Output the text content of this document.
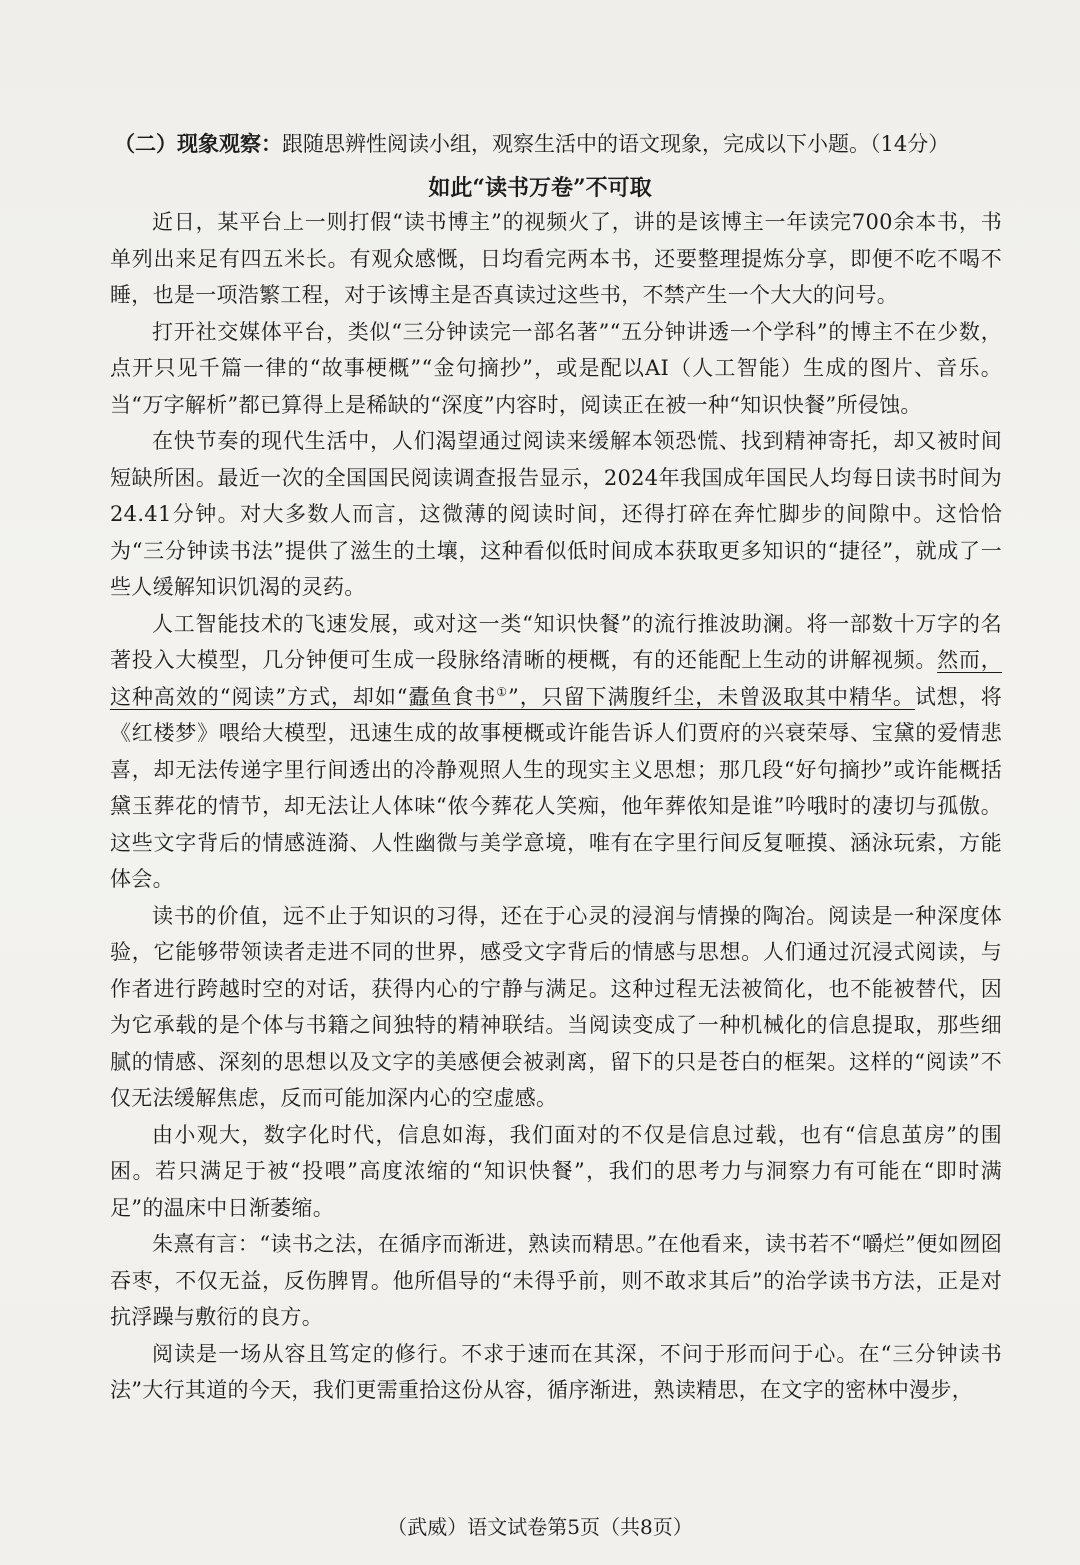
（二）现象观察：跟随思辨性阅读小组，观察生活中的语文现象，完成以下小题。（14分）
如此“读书万卷”不可取

近日，某平台上一则打假“读书博主”的视频火了，讲的是该博主一年读完700余本书，书单列出来足有四五米长。有观众感慨，日均看完两本书，还要整理提炼分享，即便不吃不喝不睡，也是一项浩繁工程，对于该博主是否真读过这些书，不禁产生一个大大的问号。

打开社交媒体平台，类似“三分钟读完一部名著”“五分钟讲透一个学科”的博主不在少数，点开只见千篇一律的“故事梗概”“金句摘抄”，或是配以AI（人工智能）生成的图片、音乐。当“万字解析”都已算得上是稀缺的“深度”内容时，阅读正在被一种“知识快餐”所侵蚀。

在快节奏的现代生活中，人们渴望通过阅读来缓解本领恐慌、找到精神寄托，却又被时间短缺所困。最近一次的全国国民阅读调查报告显示，2024年我国成年国民人均每日读书时间为24.41分钟。对大多数人而言，这微薄的阅读时间，还得打碎在奔忙脚步的间隙中。这恰恰为“三分钟读书法”提供了滋生的土壤，这种看似低时间成本获取更多知识的“捷径”，就成了一些人缓解知识饥渴的灵药。

人工智能技术的飞速发展，或对这一类“知识快餐”的流行推波助澜。将一部数十万字的名著投入大模型，几分钟便可生成一段脉络清晰的梗概，有的还能配上生动的讲解视频。然而，这种高效的“阅读”方式，却如“蠹鱼食书①”，只留下满腹纤尘，未曾汲取其中精华。试想，将《红楼梦》喂给大模型，迅速生成的故事梗概或许能告诉人们贾府的兴衰荣辱、宝黛的爱情悲喜，却无法传递字里行间透出的冷静观照人生的现实主义思想；那几段“好句摘抄”或许能概括黛玉葬花的情节，却无法让人体味“侬今葬花人笑痴，他年葬侬知是谁”吟哦时的凄切与孤傲。这些文字背后的情感涟漪、人性幽微与美学意境，唯有在字里行间反复咂摸、涵泳玩索，方能体会。

读书的价值，远不止于知识的习得，还在于心灵的浸润与情操的陶冶。阅读是一种深度体验，它能够带领读者走进不同的世界，感受文字背后的情感与思想。人们通过沉浸式阅读，与作者进行跨越时空的对话，获得内心的宁静与满足。这种过程无法被简化，也不能被替代，因为它承载的是个体与书籍之间独特的精神联结。当阅读变成了一种机械化的信息提取，那些细腻的情感、深刻的思想以及文字的美感便会被剥离，留下的只是苍白的框架。这样的“阅读”不仅无法缓解焦虑，反而可能加深内心的空虚感。

由小观大，数字化时代，信息如海，我们面对的不仅是信息过载，也有“信息茧房”的围困。若只满足于被“投喂”高度浓缩的“知识快餐”，我们的思考力与洞察力有可能在“即时满足”的温床中日渐萎缩。

朱熹有言：“读书之法，在循序而渐进，熟读而精思。”在他看来，读书若不“嚼烂”便如囫囵吞枣，不仅无益，反伤脾胃。他所倡导的“未得乎前，则不敢求其后”的治学读书方法，正是对抗浮躁与敷衍的良方。

阅读是一场从容且笃定的修行。不求于速而在其深，不问于形而问于心。在“三分钟读书法”大行其道的今天，我们更需重拾这份从容，循序渐进，熟读精思，在文字的密林中漫步，

（武威）语文试卷第5页（共8页）
